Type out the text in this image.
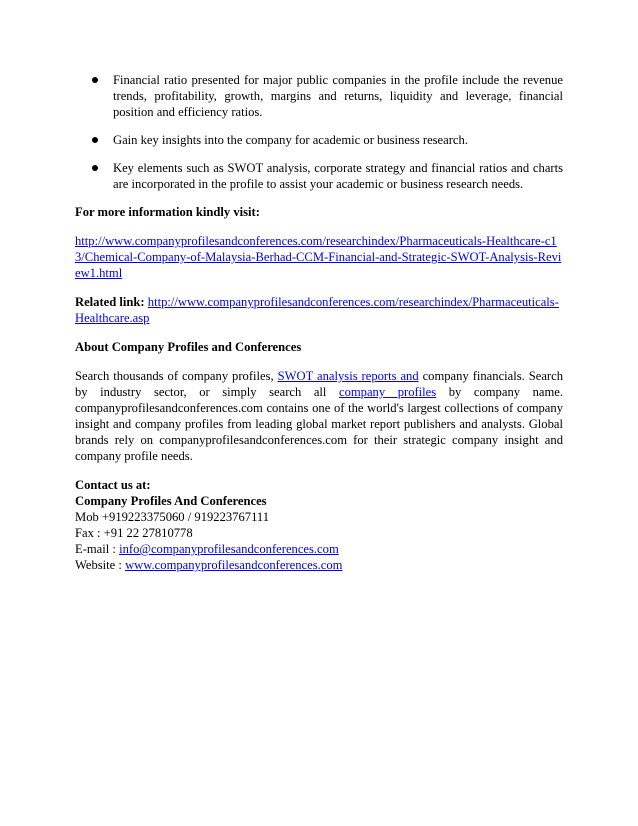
Financial ratio presented for major public companies in the profile include the revenue trends, profitability, growth, margins and returns, liquidity and leverage, financial position and efficiency ratios.
Gain key insights into the company for academic or business research.
Key elements such as SWOT analysis, corporate strategy and financial ratios and charts are incorporated in the profile to assist your academic or business research needs.

For more information kindly visit:

http://www.companyprofilesandconferences.com/researchindex/Pharmaceuticals-Healthcare-c13/Chemical-Company-of-Malaysia-Berhad-CCM-Financial-and-Strategic-SWOT-Analysis-Review1.html

Related link: http://www.companyprofilesandconferences.com/researchindex/Pharmaceuticals-Healthcare.asp

About Company Profiles and Conferences

Search thousands of company profiles, SWOT analysis reports and company financials. Search by industry sector, or simply search all company profiles by company name. companyprofilesandconferences.com contains one of the world's largest collections of company insight and company profiles from leading global market report publishers and analysts. Global brands rely on companyprofilesandconferences.com for their strategic company insight and company profile needs.

Contact us at:
Company Profiles And Conferences
Mob +919223375060 / 919223767111
Fax : +91 22 27810778
E-mail : info@companyprofilesandconferences.com
Website : www.companyprofilesandconferences.com
